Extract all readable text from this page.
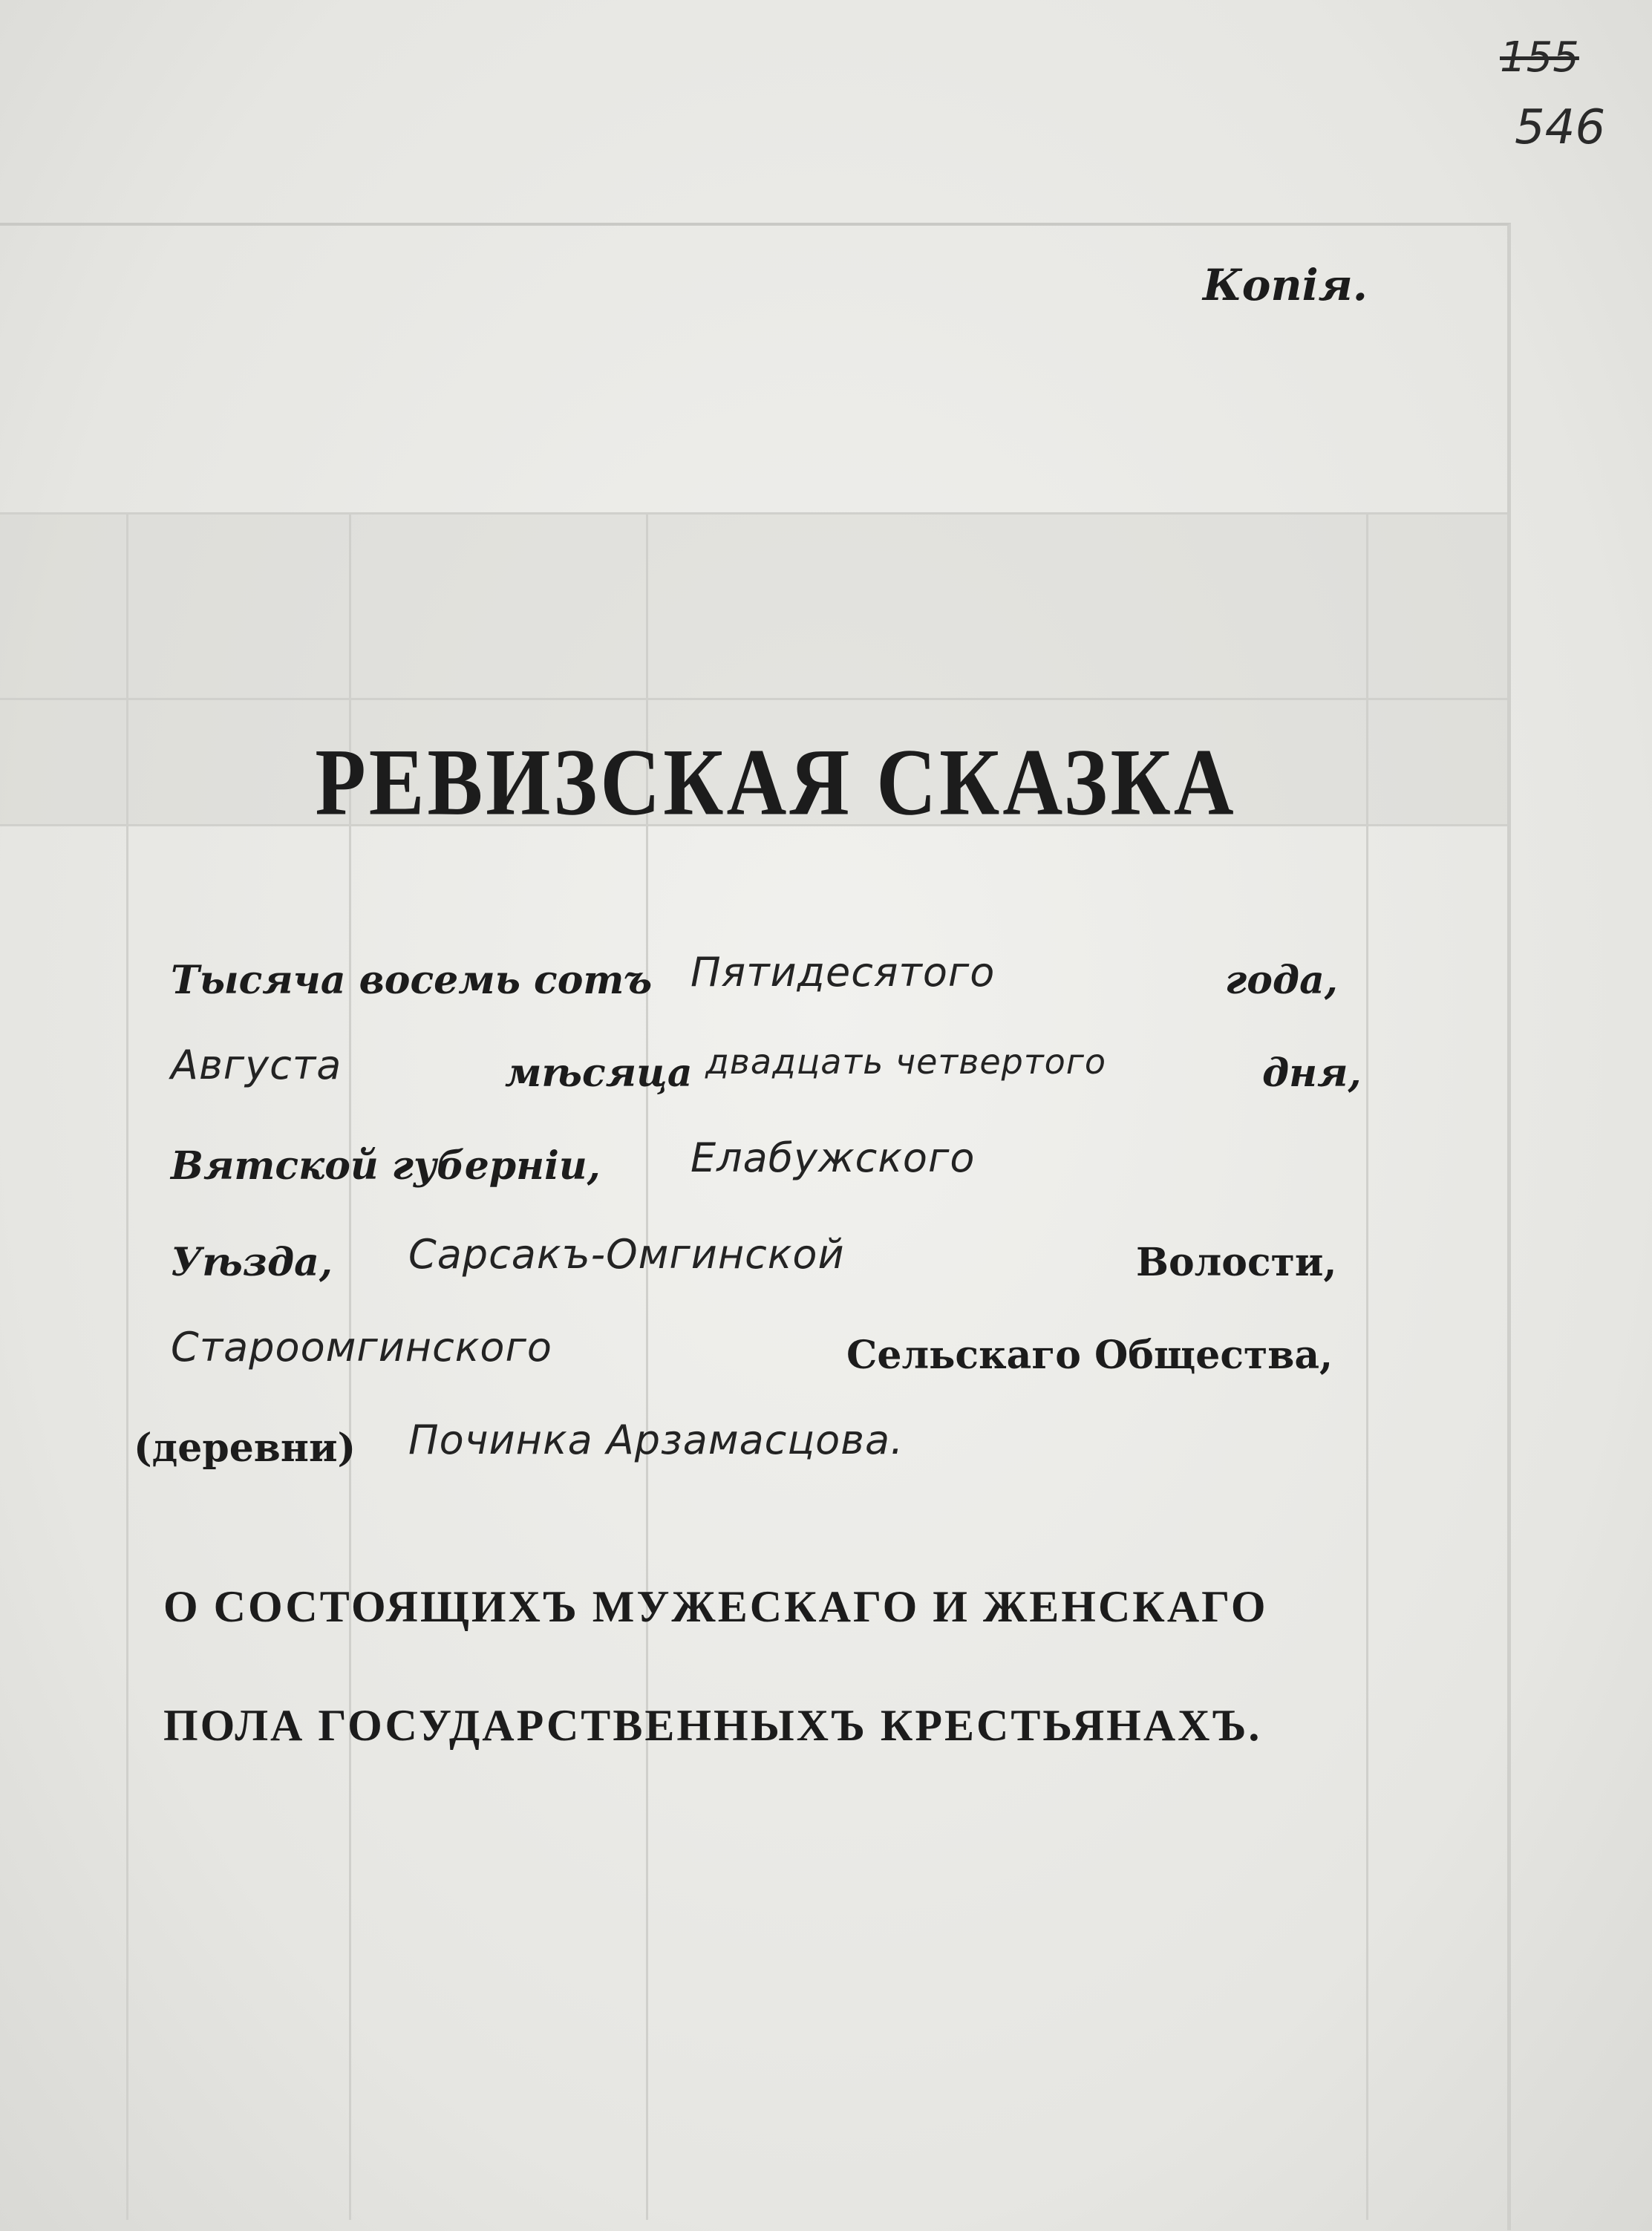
155
546
Копія.
РЕВИЗСКАЯ СКАЗКА
Тысяча восемь сотъ Пятидесятого	года,
Августа	мѣсяца двадцать четвертого	дня,
Вятской губерніи, Елабужского
Уѣзда, Сарсакъ-Омгинской	Волости,
Староомгинского	Сельскаго Общества,
(деревни) Починка Арзамасцова.
О СОСТОЯЩИХЪ МУЖЕСКАГО И ЖЕНСКАГО
ПОЛА ГОСУДАРСТВЕННЫХЪ КРЕСТЬЯНАХЪ.
